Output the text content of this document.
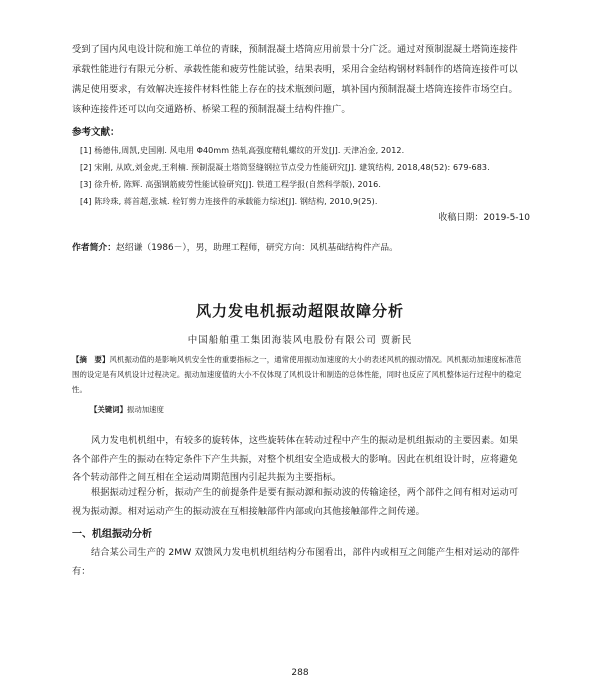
受到了国内风电设计院和施工单位的青睐，预制混凝土塔筒应用前景十分广泛。通过对预制混凝土塔筒连接件承载性能进行有限元分析、承载性能和疲劳性能试验，结果表明，采用合金结构钢材料制作的塔筒连接件可以满足使用要求，有效解决连接件材料性能上存在的技术瓶颈问题，填补国内预制混凝土塔筒连接件市场空白。该种连接件还可以向交通路桥、桥梁工程的预制混凝土结构件推广。

参考文献：

[1] 杨德伟,周凯,史国刚. 风电用 Φ40mm 热轧高强度精轧螺纹的开发[J]. 天津冶金, 2012.
[2] 宋刚, 从欧,刘金虎,王利楠. 预制混凝土塔筒竖缝钢拉节点受力性能研究[J]. 建筑结构, 2018,48(52): 679-683.
[3] 徐升桥, 陈辉. 高强钢筋疲劳性能试验研究[J]. 铁道工程学报(自然科学版), 2016.
[4] 陈玲珠, 蒋首超,张城. 栓钉剪力连接件的承载能力综述[J]. 钢结构, 2010,9(25).

收稿日期：2019-5-10

作者简介：赵绍谦（1986－），男，助理工程师，研究方向：风机基础结构件产品。

风力发电机振动超限故障分析

中国船舶重工集团海装风电股份有限公司 贾新民

【摘　要】风机振动值的是影响风机安全性的重要指标之一，通常使用振动加速度的大小的表述风机的振动情况。风机振动加速度标准范围的设定是有风机设计过程决定。振动加速度值的大小不仅体现了风机设计和制造的总体性能，同时也反应了风机整体运行过程中的稳定性。

【关键词】振动加速度

风力发电机机组中，有较多的旋转体，这些旋转体在转动过程中产生的振动是机组振动的主要因素。如果各个部件产生的振动在特定条件下产生共振，对整个机组安全造成极大的影响。因此在机组设计时，应将避免各个转动部件之间互相在全运动周期范围内引起共振为主要指标。

根据振动过程分析，振动产生的前提条件是要有振动源和振动波的传输途径，两个部件之间有相对运动可视为振动源。相对运动产生的振动波在互相接触部件内部或向其他接触部件之间传递。

一、机组振动分析

结合某公司生产的 2MW 双馈风力发电机机组结构分布图看出，部件内或相互之间能产生相对运动的部件有：

288
